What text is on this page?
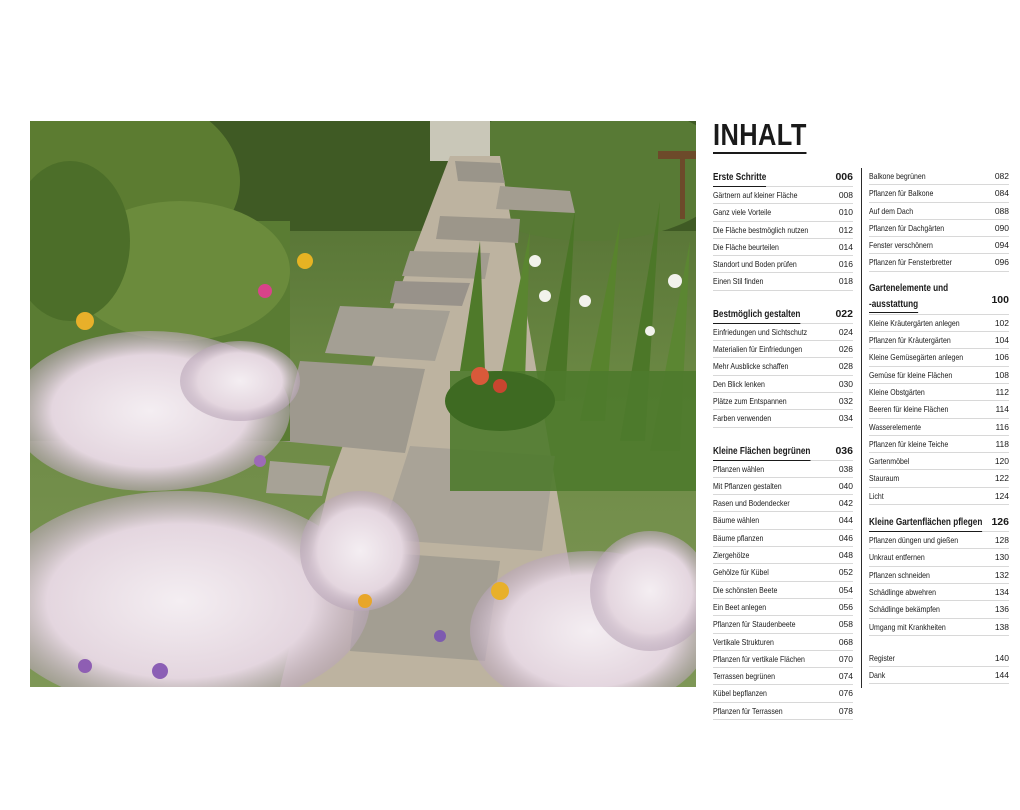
INHALT
Erste Schritte	006
Gärtnern auf kleiner Fläche	008
Ganz viele Vorteile	010
Die Fläche bestmöglich nutzen	012
Die Fläche beurteilen	014
Standort und Boden prüfen	016
Einen Stil finden	018
Bestmöglich gestalten	022
Einfriedungen und Sichtschutz	024
Materialien für Einfriedungen	026
Mehr Ausblicke schaffen	028
Den Blick lenken	030
Plätze zum Entspannen	032
Farben verwenden	034
Kleine Flächen begrünen 036
Pflanzen wählen	038
Mit Pflanzen gestalten	040
Rasen und Bodendecker	042
Bäume wählen	044
Bäume pflanzen	046
Ziergehölze	048
Gehölze für Kübel	052
Die schönsten Beete	054
Ein Beet anlegen	056
Pflanzen für Staudenbeete	058
Vertikale Strukturen	068
Pflanzen für vertikale Flächen	070
Terrassen begrünen	074
Kübel bepflanzen	076
Pflanzen für Terrassen	078
Balkone begrünen	082
Pflanzen für Balkone	084
Auf dem Dach	088
Pflanzen für Dachgärten	090
Fenster verschönern	094
Pflanzen für Fensterbretter	096
Gartenelemente und
-ausstattung	100
Kleine Kräutergärten anlegen	102
Pflanzen für Kräutergärten	104
Kleine Gemüsegärten anlegen	106
Gemüse für kleine Flächen	108
Kleine Obstgärten	112
Beeren für kleine Flächen	114
Wasserelemente	116
Pflanzen für kleine Teiche	118
Gartenmöbel	120
Stauraum	122
Licht	124
Kleine Gartenflächen pflegen 126
Pflanzen düngen und gießen	128
Unkraut entfernen	130
Pflanzen schneiden	132
Schädlinge abwehren	134
Schädlinge bekämpfen	136
Umgang mit Krankheiten	138
Register	140
Dank	144
